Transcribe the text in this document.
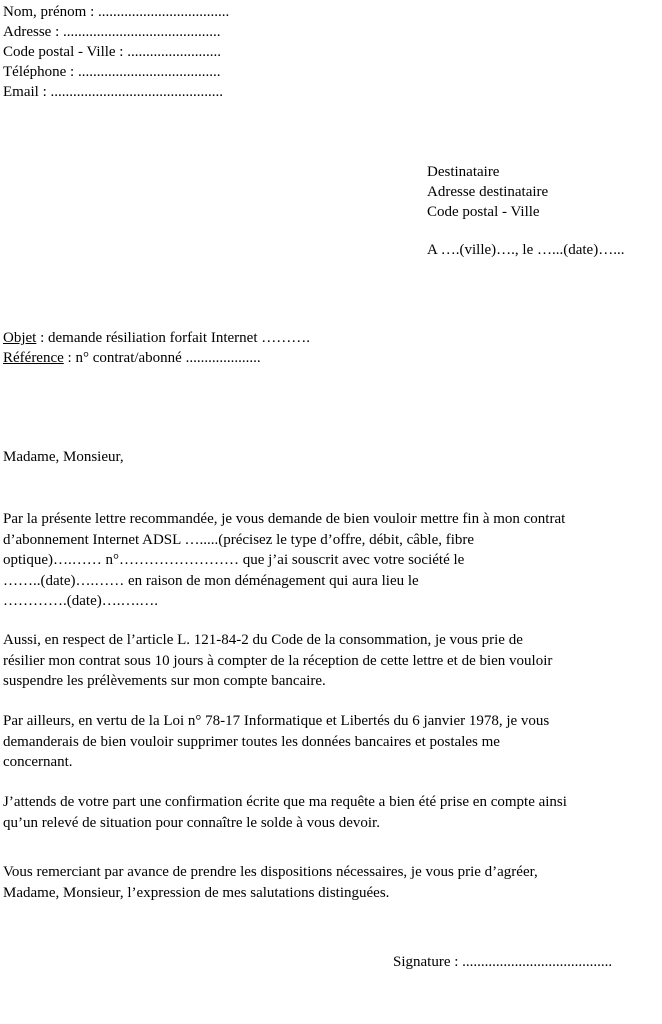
Nom, prénom : ...................................
Adresse : ..........................................
Code postal - Ville : .........................
Téléphone : ......................................
Email : ..............................................
Destinataire
Adresse destinataire
Code postal - Ville
A ….(ville)…., le …...(date)…...
Objet : demande résiliation forfait Internet ……….
Référence : n° contrat/abonné ....................
Madame, Monsieur,
Par la présente lettre recommandée, je vous demande de bien vouloir mettre fin à mon contrat
d’abonnement Internet ADSL ….....(précisez le type d’offre, débit, câble, fibre
optique)….…… n°…………………… que j’ai souscrit avec votre société le
……..(date)….…… en raison de mon déménagement qui aura lieu le
………….(date)….….….
Aussi, en respect de l’article L. 121-84-2 du Code de la consommation, je vous prie de
résilier mon contrat sous 10 jours à compter de la réception de cette lettre et de bien vouloir
suspendre les prélèvements sur mon compte bancaire.
Par ailleurs, en vertu de la Loi n° 78-17 Informatique et Libertés du 6 janvier 1978, je vous
demanderais de bien vouloir supprimer toutes les données bancaires et postales me
concernant.
J’attends de votre part une confirmation écrite que ma requête a bien été prise en compte ainsi
qu’un relevé de situation pour connaître le solde à vous devoir.
Vous remerciant par avance de prendre les dispositions nécessaires, je vous prie d’agréer,
Madame, Monsieur, l’expression de mes salutations distinguées.
Signature : ........................................
